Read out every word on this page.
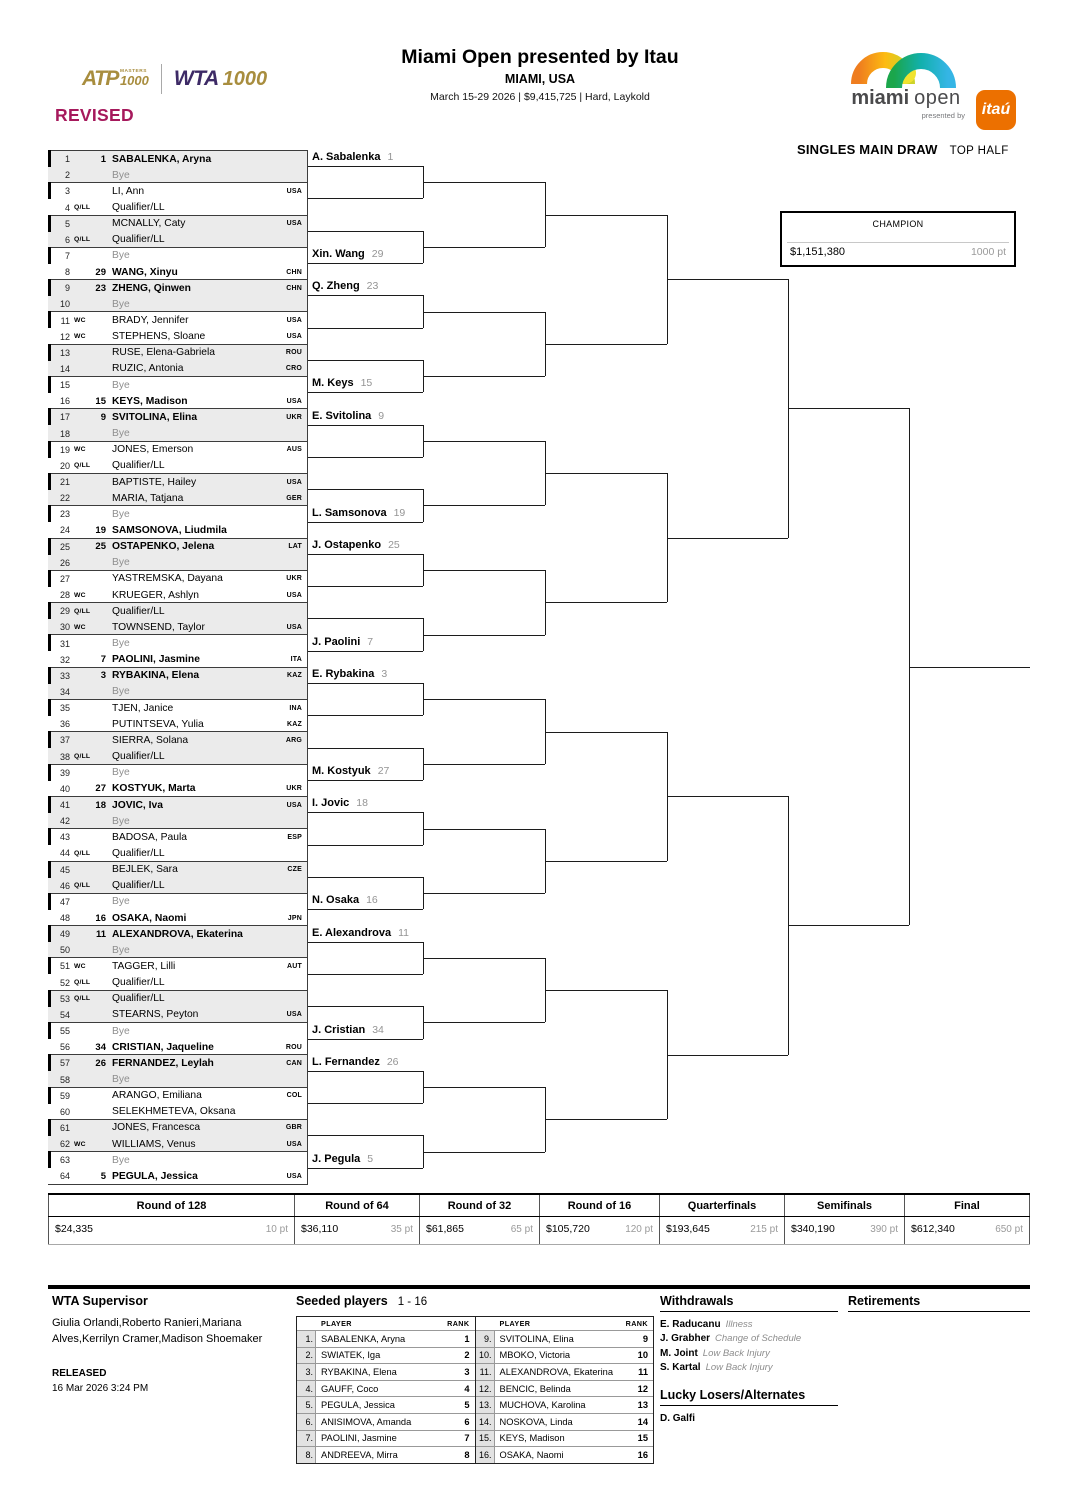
ATP MASTERS
1000 WTA 1000
REVISED
Miami Open presented by Itau
MIAMI, USA
March 15-29 2026 | $9,415,725 | Hard, Laykold	miami open
presented by	itaú
SINGLES MAIN DRAW TOP HALF
CHAMPION
$1,151,380	1000 pt
1	1 SABALENKA, Aryna
2	Bye
3	LI, Ann	USA
4 Q/LL Qualifier/LL
5	MCNALLY, Caty	USA
6 Q/LL Qualifier/LL
7	Bye
8	29 WANG, Xinyu	CHN
9	23 ZHENG, Qinwen	CHN
10	Bye
11 WC	BRADY, Jennifer	USA
12 WC	STEPHENS, Sloane	USA
13	RUSE, Elena-Gabriela	ROU
14	RUZIC, Antonia	CRO
15	Bye
16	15 KEYS, Madison	USA
17	9 SVITOLINA, Elina	UKR
18	Bye
19 WC	JONES, Emerson	AUS
20 Q/LL Qualifier/LL
21	BAPTISTE, Hailey	USA
22	MARIA, Tatjana	GER
23	Bye
24	19 SAMSONOVA, Liudmila
25	25 OSTAPENKO, Jelena	LAT
26	Bye
27	YASTREMSKA, Dayana	UKR
28 WC	KRUEGER, Ashlyn	USA
29 Q/LL Qualifier/LL
30 WC	TOWNSEND, Taylor	USA
31	Bye
32	7 PAOLINI, Jasmine	ITA
33	3 RYBAKINA, Elena	KAZ
34	Bye
35	TJEN, Janice	INA
36	PUTINTSEVA, Yulia	KAZ
37	SIERRA, Solana	ARG
38 Q/LL Qualifier/LL
39	Bye
40	27 KOSTYUK, Marta	UKR
41	18 JOVIC, Iva	USA
42	Bye
43	BADOSA, Paula	ESP
44 Q/LL Qualifier/LL
45	BEJLEK, Sara	CZE
46 Q/LL Qualifier/LL
47	Bye
48	16 OSAKA, Naomi	JPN
49	11 ALEXANDROVA, Ekaterina
50	Bye
51 WC	TAGGER, Lilli	AUT
52 Q/LL Qualifier/LL
53 Q/LL Qualifier/LL
54	STEARNS, Peyton	USA
55	Bye
56	34 CRISTIAN, Jaqueline	ROU
57	26 FERNANDEZ, Leylah	CAN
58	Bye
59	ARANGO, Emiliana	COL
60	SELEKHMETEVA, Oksana
61	JONES, Francesca	GBR
62 WC	WILLIAMS, Venus	USA
63	Bye
64	5 PEGULA, Jessica	USA
A. Sabalenka 1
Xin. Wang 29
Q. Zheng 23
M. Keys 15
E. Svitolina 9
L. Samsonova 19
J. Ostapenko 25
J. Paolini 7
E. Rybakina 3
M. Kostyuk 27
I. Jovic 18
N. Osaka 16
E. Alexandrova 11
J. Cristian 34
L. Fernandez 26
J. Pegula 5
Round of 128	Round of 64	Round of 32	Round of 16	Quarterfinals	Semifinals	Final
$24,335	10 pt $36,110	35 pt $61,865	65 pt $105,720	120 pt $193,645	215 pt $340,190	390 pt $612,340	650 pt
WTA Supervisor
Giulia Orlandi,Roberto Ranieri,Mariana Alves,Kerrilyn Cramer,Madison Shoemaker
RELEASED
16 Mar 2026 3:24 PM
Seeded players 1 - 16
PLAYER	RANK
1. SABALENKA, Aryna	1
2. SWIATEK, Iga	2
3. RYBAKINA, Elena	3
4. GAUFF, Coco	4
5. PEGULA, Jessica	5
6. ANISIMOVA, Amanda	6
7. PAOLINI, Jasmine	7
8. ANDREEVA, Mirra	8
PLAYER	RANK
9. SVITOLINA, Elina	9
10. MBOKO, Victoria	10
11. ALEXANDROVA, Ekaterina	11
12. BENCIC, Belinda	12
13. MUCHOVA, Karolina	13
14. NOSKOVA, Linda	14
15. KEYS, Madison	15
16. OSAKA, Naomi	16
Withdrawals
E. Raducanu Illness
J. Grabher Change of Schedule
M. Joint Low Back Injury
S. Kartal Low Back Injury
Lucky Losers/Alternates
D. Galfi
Retirements
